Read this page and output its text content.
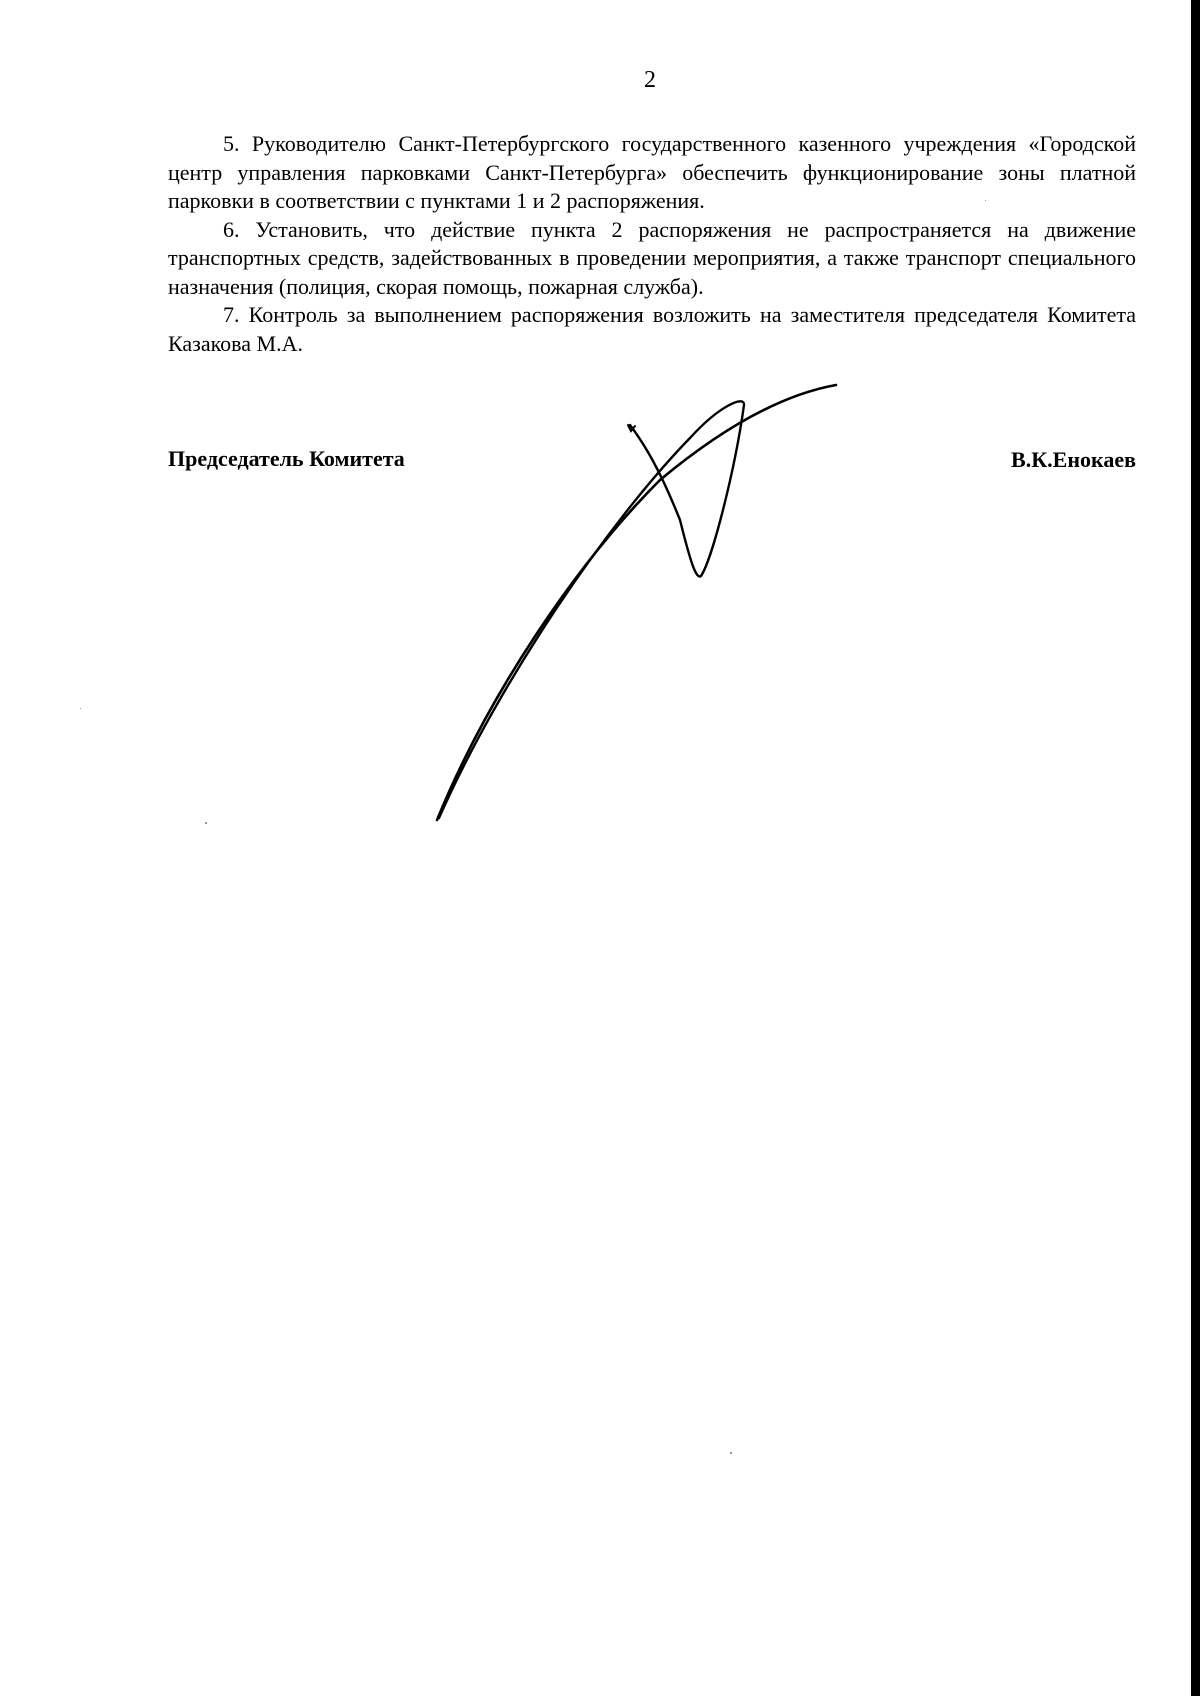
2

5. Руководителю Санкт-Петербургского государственного казенного учреждения «Городской центр управления парковками Санкт-Петербурга» обеспечить функционирование зоны платной парковки в соответствии с пунктами 1 и 2 распоряжения.

6. Установить, что действие пункта 2 распоряжения не распространяется на движение транспортных средств, задействованных в проведении мероприятия, а также транспорт специального назначения (полиция, скорая помощь, пожарная служба).

7. Контроль за выполнением распоряжения возложить на заместителя председателя Комитета Казакова М.А.

Председатель Комитета	В.К.Енокаев
